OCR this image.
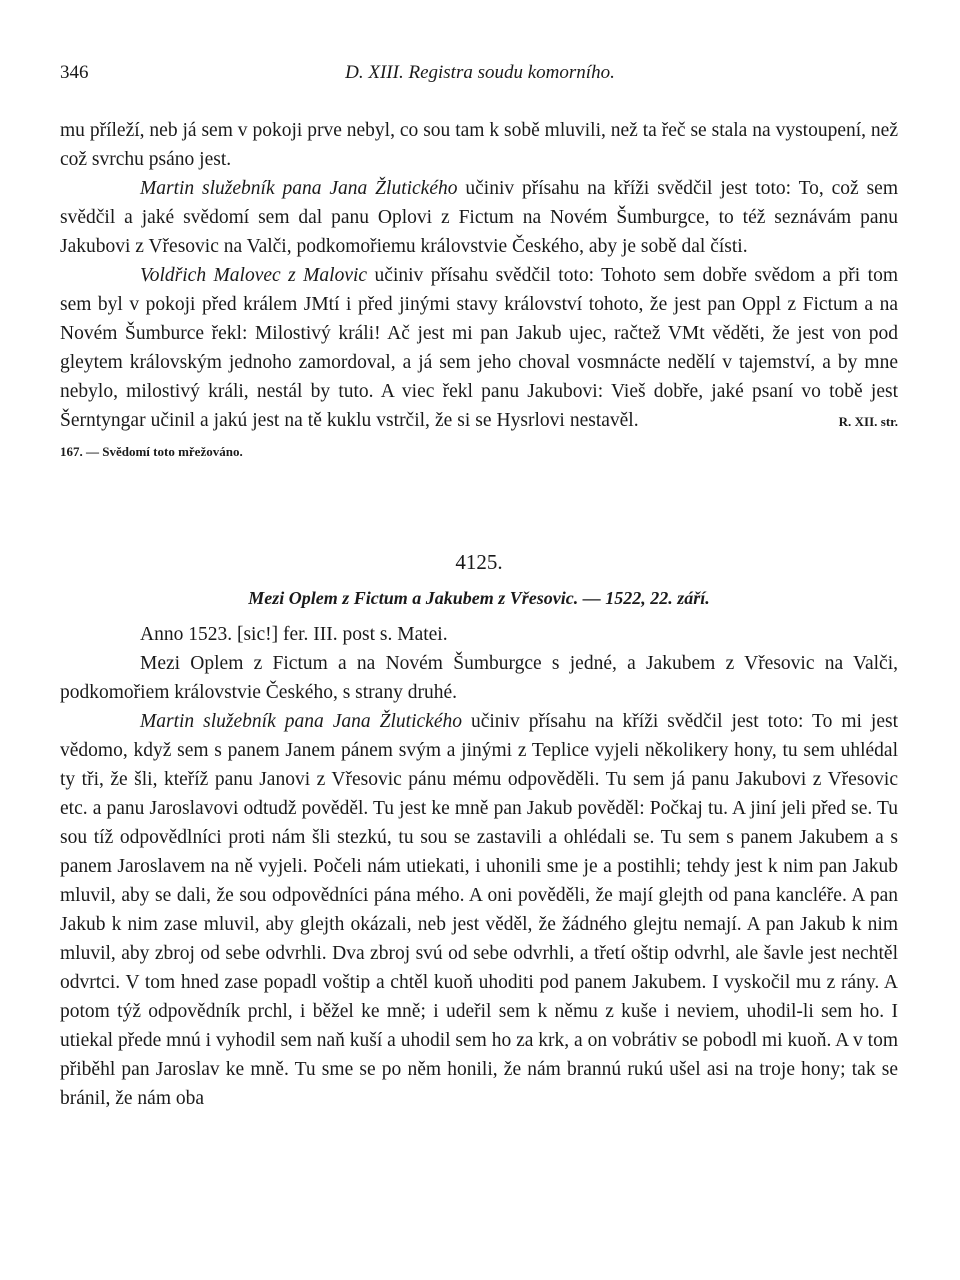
346	D. XIII. Registra soudu komorního.

mu příleží, neb já sem v pokoji prve nebyl, co sou tam k sobě mluvili, než ta řeč se stala na vystoupení, než což svrchu psáno jest.

Martin služebník pana Jana Žlutického učiniv přísahu na kříži svědčil jest toto: To, což sem svědčil a jaké svědomí sem dal panu Oplovi z Fictum na Novém Šumburgce, to též seznávám panu Jakubovi z Vřesovic na Valči, podkomořiemu královstvie Českého, aby je sobě dal čísti.

Voldřich Malovec z Malovic učiniv přísahu svědčil toto: Tohoto sem dobře svědom a při tom sem byl v pokoji před králem JMtí i před jinými stavy království tohoto, že jest pan Oppl z Fictum a na Novém Šumburce řekl: Milostivý králi! Ač jest mi pan Jakub ujec, račtež VMt věděti, že jest von pod gleytem královským jednoho zamordoval, a já sem jeho choval vosmnácte nedělí v tajemství, a by mne nebylo, milostivý králi, nestál by tuto. A viec řekl panu Jakubovi: Vieš dobře, jaké psaní vo tobě jest Šerntyngar učinil a jakú jest na tě kuklu vstrčil, že si se Hysrlovi nestavěl.	R. XII. str. 167. — Svědomí toto mřežováno.

4125.
Mezi Oplem z Fictum a Jakubem z Vřesovic. — 1522, 22. září.

Anno 1523. [sic!] fer. III. post s. Matei.

Mezi Oplem z Fictum a na Novém Šumburgce s jedné, a Jakubem z Vřesovic na Valči, podkomořiem královstvie Českého, s strany druhé.

Martin služebník pana Jana Žlutického učiniv přísahu na kříži svědčil jest toto: To mi jest vědomo, když sem s panem Janem pánem svým a jinými z Teplice vyjeli několikery hony, tu sem uhlédal ty tři, že šli, kteříž panu Janovi z Vřesovic pánu mému odpověděli. Tu sem já panu Jakubovi z Vřesovic etc. a panu Jaroslavovi odtudž pověděl. Tu jest ke mně pan Jakub pověděl: Počkaj tu. A jiní jeli před se. Tu sou tíž odpovědlníci proti nám šli stezkú, tu sou se zastavili a ohlédali se. Tu sem s panem Jakubem a s panem Jaroslavem na ně vyjeli. Počeli nám utiekati, i uhonili sme je a postihli; tehdy jest k nim pan Jakub mluvil, aby se dali, že sou odpovědníci pána mého. A oni pověděli, že mají glejth od pana kancléře. A pan Jakub k nim zase mluvil, aby glejth okázali, neb jest věděl, že žádného glejtu nemají. A pan Jakub k nim mluvil, aby zbroj od sebe odvrhli. Dva zbroj svú od sebe odvrhli, a třetí oštip odvrhl, ale šavle jest nechtěl odvrtci. V tom hned zase popadl voštip a chtěl kuoň uhoditi pod panem Jakubem. I vyskočil mu z rány. A potom týž odpovědník prchl, i běžel ke mně; i udeřil sem k němu z kuše i neviem, uhodil-li sem ho. I utiekal přede mnú i vyhodil sem naň kuší a uhodil sem ho za krk, a on vobrátiv se pobodl mi kuoň. A v tom přiběhl pan Jaroslav ke mně. Tu sme se po něm honili, že nám brannú rukú ušel asi na troje hony; tak se bránil, že nám oba
